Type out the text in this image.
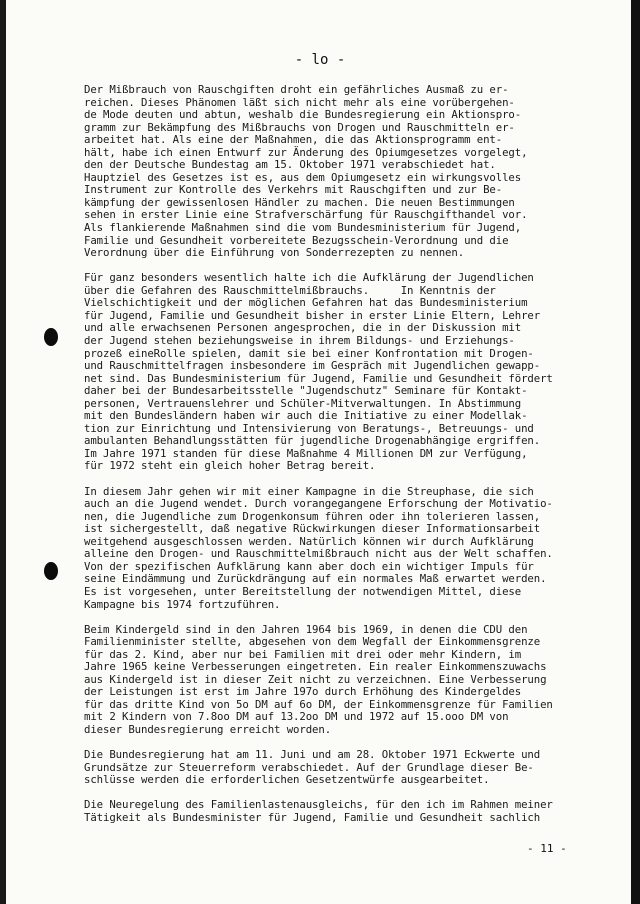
- lo -
Der Mißbrauch von Rauschgiften droht ein gefährliches Ausmaß zu er-
reichen. Dieses Phänomen läßt sich nicht mehr als eine vorübergehen-
de Mode deuten und abtun, weshalb die Bundesregierung ein Aktionspro-
gramm zur Bekämpfung des Mißbrauchs von Drogen und Rauschmitteln er-
arbeitet hat. Als eine der Maßnahmen, die das Aktionsprogramm ent-
hält, habe ich einen Entwurf zur Änderung des Opiumgesetzes vorgelegt,
den der Deutsche Bundestag am 15. Oktober 1971 verabschiedet hat.
Hauptziel des Gesetzes ist es, aus dem Opiumgesetz ein wirkungsvolles
Instrument zur Kontrolle des Verkehrs mit Rauschgiften und zur Be-
kämpfung der gewissenlosen Händler zu machen. Die neuen Bestimmungen
sehen in erster Linie eine Strafverschärfung für Rauschgifthandel vor.
Als flankierende Maßnahmen sind die vom Bundesministerium für Jugend,
Familie und Gesundheit vorbereitete Bezugsschein-Verordnung und die
Verordnung über die Einführung von Sonderrezepten zu nennen.
Für ganz besonders wesentlich halte ich die Aufklärung der Jugendlichen
über die Gefahren des Rauschmittelmißbrauchs.     In Kenntnis der
Vielschichtigkeit und der möglichen Gefahren hat das Bundesministerium
für Jugend, Familie und Gesundheit bisher in erster Linie Eltern, Lehrer
und alle erwachsenen Personen angesprochen, die in der Diskussion mit
der Jugend stehen beziehungsweise in ihrem Bildungs- und Erziehungs-
prozeß eineRolle spielen, damit sie bei einer Konfrontation mit Drogen-
und Rauschmittelfragen insbesondere im Gespräch mit Jugendlichen gewapp-
net sind. Das Bundesministerium für Jugend, Familie und Gesundheit fördert
daher bei der Bundesarbeitsstelle "Jugendschutz" Seminare für Kontakt-
personen, Vertrauenslehrer und Schüler-Mitverwaltungen. In Abstimmung
mit den Bundesländern haben wir auch die Initiative zu einer Modellak-
tion zur Einrichtung und Intensivierung von Beratungs-, Betreuungs- und
ambulanten Behandlungsstätten für jugendliche Drogenabhängige ergriffen.
Im Jahre 1971 standen für diese Maßnahme 4 Millionen DM zur Verfügung,
für 1972 steht ein gleich hoher Betrag bereit.
In diesem Jahr gehen wir mit einer Kampagne in die Streuphase, die sich
auch an die Jugend wendet. Durch vorangegangene Erforschung der Motivatio-
nen, die Jugendliche zum Drogenkonsum führen oder ihn tolerieren lassen,
ist sichergestellt, daß negative Rückwirkungen dieser Informationsarbeit
weitgehend ausgeschlossen werden. Natürlich können wir durch Aufklärung
alleine den Drogen- und Rauschmittelmißbrauch nicht aus der Welt schaffen.
Von der spezifischen Aufklärung kann aber doch ein wichtiger Impuls für
seine Eindämmung und Zurückdrängung auf ein normales Maß erwartet werden.
Es ist vorgesehen, unter Bereitstellung der notwendigen Mittel, diese
Kampagne bis 1974 fortzuführen.
Beim Kindergeld sind in den Jahren 1964 bis 1969, in denen die CDU den
Familienminister stellte, abgesehen von dem Wegfall der Einkommensgrenze
für das 2. Kind, aber nur bei Familien mit drei oder mehr Kindern, im
Jahre 1965 keine Verbesserungen eingetreten. Ein realer Einkommenszuwachs
aus Kindergeld ist in dieser Zeit nicht zu verzeichnen. Eine Verbesserung
der Leistungen ist erst im Jahre 197o durch Erhöhung des Kindergeldes
für das dritte Kind von 5o DM auf 6o DM, der Einkommensgrenze für Familien
mit 2 Kindern von 7.8oo DM auf 13.2oo DM und 1972 auf 15.ooo DM von
dieser Bundesregierung erreicht worden.
Die Bundesregierung hat am 11. Juni und am 28. Oktober 1971 Eckwerte und
Grundsätze zur Steuerreform verabschiedet. Auf der Grundlage dieser Be-
schlüsse werden die erforderlichen Gesetzentwürfe ausgearbeitet.
Die Neuregelung des Familienlastenausgleichs, für den ich im Rahmen meiner
Tätigkeit als Bundesminister für Jugend, Familie und Gesundheit sachlich
- 11 -
